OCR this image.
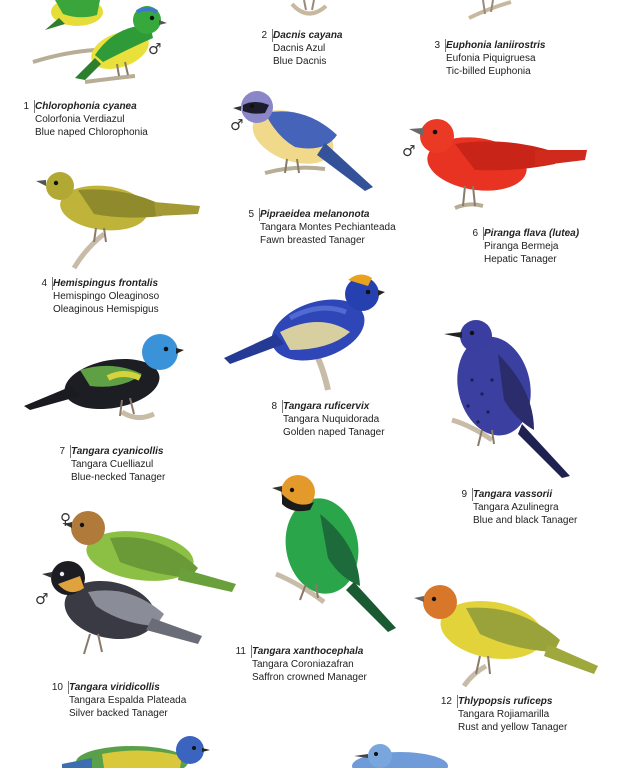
♂
♂
♂
♀
♂
1 Chlorophonia cyanea
Colorfonia Verdiazul
Blue naped Chlorophonia
2 Dacnis cayana
Dacnis Azul
Blue Dacnis
3 Euphonia laniirostris
Eufonia Piquigruesa
Tic-billed Euphonia
4 Hemispingus frontalis
Hemispingo Oleaginoso
Oleaginous Hemispigus
5 Pipraeidea melanonota
Tangara Montes Pechianteada
Fawn breasted Tanager
6 Piranga flava (lutea)
Piranga Bermeja
Hepatic Tanager
7 Tangara cyanicollis
Tangara Cuelliazul
Blue-necked Tanager
8 Tangara ruficervix
Tangara Nuquidorada
Golden naped Tanager
9 Tangara vassorii
Tangara Azulinegra
Blue and black Tanager
10 Tangara viridicollis
Tangara Espalda Plateada
Silver backed Tanager
11 Tangara xanthocephala
Tangara Coroniazafran
Saffron crowned Manager
12 Thlypopsis ruficeps
Tangara Rojiamarilla
Rust and yellow Tanager
